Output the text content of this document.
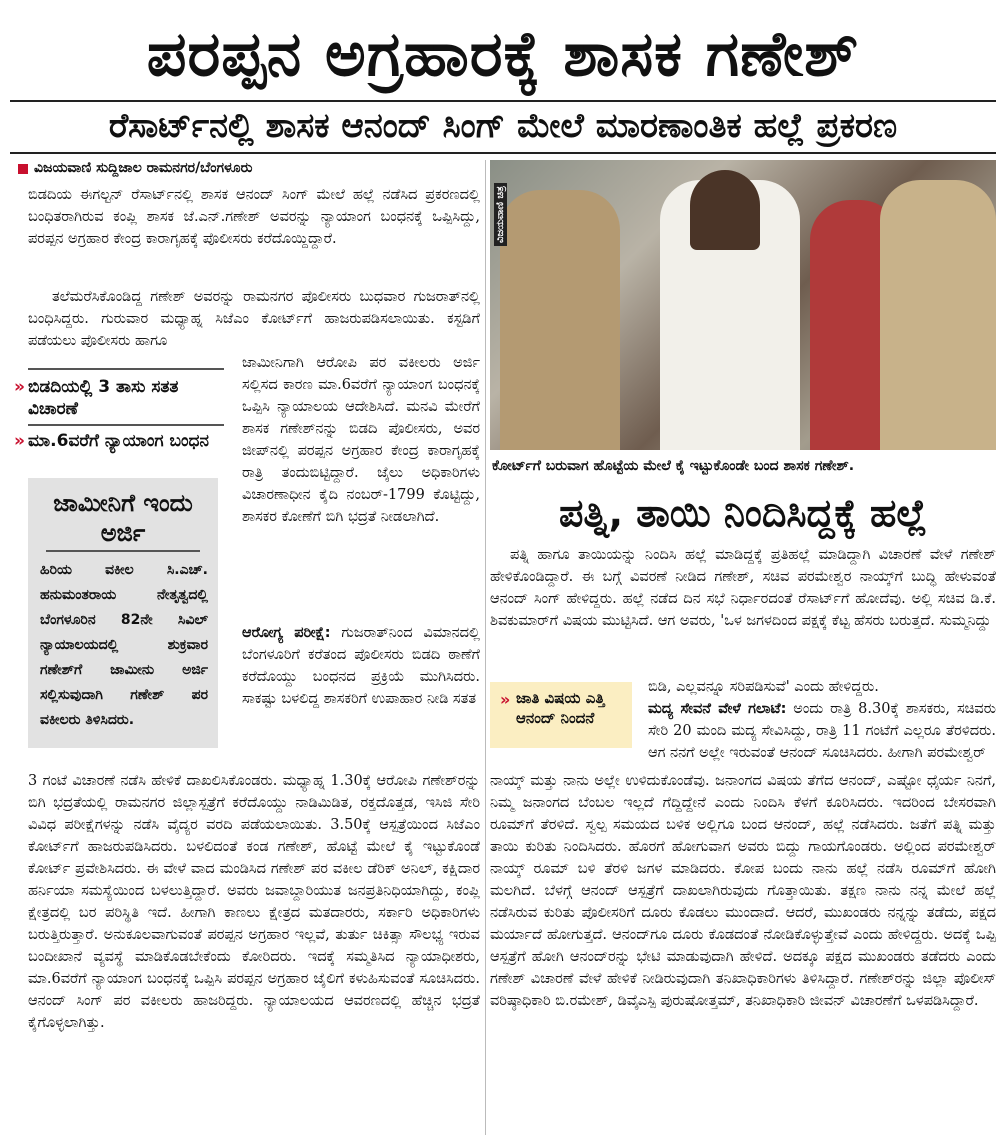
ಪರಪ್ಪನ ಅಗ್ರಹಾರಕ್ಕೆ ಶಾಸಕ ಗಣೇಶ್
ರೆಸಾರ್ಟ್‌ನಲ್ಲಿ ಶಾಸಕ ಆನಂದ್ ಸಿಂಗ್ ಮೇಲೆ ಮಾರಣಾಂತಿಕ ಹಲ್ಲೆ ಪ್ರಕರಣ
ವಿಜಯವಾಣಿ ಸುದ್ದಿಜಾಲ ರಾಮನಗರ/ಬೆಂಗಳೂರು
ಬಿಡದಿಯ ಈಗಲ್ಟನ್ ರೆಸಾರ್ಟ್‌ನಲ್ಲಿ ಶಾಸಕ ಆನಂದ್ ಸಿಂಗ್ ಮೇಲೆ ಹಲ್ಲೆ ನಡೆಸಿದ ಪ್ರಕರಣದಲ್ಲಿ ಬಂಧಿತರಾಗಿರುವ ಕಂಪ್ಲಿ ಶಾಸಕ ಜೆ.ಎನ್.ಗಣೇಶ್ ಅವರನ್ನು ನ್ಯಾಯಾಂಗ ಬಂಧನಕ್ಕೆ ಒಪ್ಪಿಸಿದ್ದು, ಪರಪ್ಪನ ಅಗ್ರಹಾರ ಕೇಂದ್ರ ಕಾರಾಗೃಹಕ್ಕೆ ಪೊಲೀಸರು ಕರೆದೊಯ್ದಿದ್ದಾರೆ.
ತಲೆಮರೆಸಿಕೊಂಡಿದ್ದ ಗಣೇಶ್ ಅವರನ್ನು ರಾಮನಗರ ಪೊಲೀಸರು ಬುಧವಾರ ಗುಜರಾತ್‌ನಲ್ಲಿ ಬಂಧಿಸಿದ್ದರು. ಗುರುವಾರ ಮಧ್ಯಾಹ್ನ ಸಿಜೆಎಂ ಕೋರ್ಟ್‌ಗೆ ಹಾಜರುಪಡಿಸಲಾಯಿತು. ಕಸ್ಟಡಿಗೆ ಪಡೆಯಲು ಪೊಲೀಸರು ಹಾಗೂ
» ಬಿಡದಿಯಲ್ಲಿ 3 ತಾಸು ಸತತ ವಿಚಾರಣೆ
» ಮಾ.6ವರೆಗೆ ನ್ಯಾಯಾಂಗ ಬಂಧನ
ಜಾಮೀನಿಗೆ ಇಂದು ಅರ್ಜಿ
ಹಿರಿಯ ವಕೀಲ ಸಿ.ಎಚ್. ಹನುಮಂತರಾಯ ನೇತೃತ್ವದಲ್ಲಿ ಬೆಂಗಳೂರಿನ 82ನೇ ಸಿವಿಲ್ ನ್ಯಾಯಾಲಯದಲ್ಲಿ ಶುಕ್ರವಾರ ಗಣೇಶ್‌ಗೆ ಜಾಮೀನು ಅರ್ಜಿ ಸಲ್ಲಿಸುವುದಾಗಿ ಗಣೇಶ್ ಪರ ವಕೀಲರು ತಿಳಿಸಿದರು.
ಜಾಮೀನಿಗಾಗಿ ಆರೋಪಿ ಪರ ವಕೀಲರು ಅರ್ಜಿ ಸಲ್ಲಿಸದ ಕಾರಣ ಮಾ.6ವರೆಗೆ ನ್ಯಾಯಾಂಗ ಬಂಧನಕ್ಕೆ ಒಪ್ಪಿಸಿ ನ್ಯಾಯಾಲಯ ಆದೇಶಿಸಿದೆ. ಮನವಿ ಮೇರೆಗೆ ಶಾಸಕ ಗಣೇಶ್‌ನನ್ನು ಬಿಡದಿ ಪೊಲೀಸರು, ಅವರ ಜೀಪ್‌ನಲ್ಲಿ ಪರಪ್ಪನ ಅಗ್ರಹಾರ ಕೇಂದ್ರ ಕಾರಾಗೃಹಕ್ಕೆ ರಾತ್ರಿ ತಂದುಬಿಟ್ಟಿದ್ದಾರೆ. ಜೈಲು ಅಧಿಕಾರಿಗಳು ವಿಚಾರಣಾಧೀನ ಕೈದಿ ನಂಬರ್-1799 ಕೊಟ್ಟಿದ್ದು, ಶಾಸಕರ ಕೋಣೆಗೆ ಬಿಗಿ ಭದ್ರತೆ ನೀಡಲಾಗಿದೆ.
ಆರೋಗ್ಯ ಪರೀಕ್ಷೆ: ಗುಜರಾತ್‌ನಿಂದ ವಿಮಾನದಲ್ಲಿ ಬೆಂಗಳೂರಿಗೆ ಕರೆತಂದ ಪೊಲೀಸರು ಬಿಡದಿ ಠಾಣೆಗೆ ಕರೆದೊಯ್ದು ಬಂಧನದ ಪ್ರಕ್ರಿಯೆ ಮುಗಿಸಿದರು. ಸಾಕಷ್ಟು ಬಳಲಿದ್ದ ಶಾಸಕರಿಗೆ ಉಪಾಹಾರ ನೀಡಿ ಸತತ
3 ಗಂಟೆ ವಿಚಾರಣೆ ನಡೆಸಿ ಹೇಳಿಕೆ ದಾಖಲಿಸಿಕೊಂಡರು. ಮಧ್ಯಾಹ್ನ 1.30ಕ್ಕೆ ಆರೋಪಿ ಗಣೇಶ್‌ರನ್ನು ಬಿಗಿ ಭದ್ರತೆಯಲ್ಲಿ ರಾಮನಗರ ಜಿಲ್ಲಾಸ್ಪತ್ರೆಗೆ ಕರೆದೊಯ್ದು ನಾಡಿಮಿಡಿತ, ರಕ್ತದೊತ್ತಡ, ಇಸಿಜಿ ಸೇರಿ ವಿವಿಧ ಪರೀಕ್ಷೆಗಳನ್ನು ನಡೆಸಿ ವೈದ್ಯರ ವರದಿ ಪಡೆಯಲಾಯಿತು. 3.50ಕ್ಕೆ ಆಸ್ಪತ್ರೆಯಿಂದ ಸಿಜೆಎಂ ಕೋರ್ಟ್‌ಗೆ ಹಾಜರುಪಡಿಸಿದರು. ಬಳಲಿದಂತೆ ಕಂಡ ಗಣೇಶ್, ಹೊಟ್ಟೆ ಮೇಲೆ ಕೈ ಇಟ್ಟುಕೊಂಡೆ ಕೋರ್ಟ್ ಪ್ರವೇಶಿಸಿದರು. ಈ ವೇಳೆ ವಾದ ಮಂಡಿಸಿದ ಗಣೇಶ್ ಪರ ವಕೀಲ ಡೆರಿಕ್ ಅನಿಲ್, ಕಕ್ಷಿದಾರ ಹರ್ನಿಯಾ ಸಮಸ್ಯೆಯಿಂದ ಬಳಲುತ್ತಿದ್ದಾರೆ. ಅವರು ಜವಾಬ್ದಾರಿಯುತ ಜನಪ್ರತಿನಿಧಿಯಾಗಿದ್ದು, ಕಂಪ್ಲಿ ಕ್ಷೇತ್ರದಲ್ಲಿ ಬರ ಪರಿಸ್ಥಿತಿ ಇದೆ. ಹೀಗಾಗಿ ಕಾಣಲು ಕ್ಷೇತ್ರದ ಮತದಾರರು, ಸರ್ಕಾರಿ ಅಧಿಕಾರಿಗಳು ಬರುತ್ತಿರುತ್ತಾರೆ. ಅನುಕೂಲವಾಗುವಂತೆ ಪರಪ್ಪನ ಅಗ್ರಹಾರ ಇಲ್ಲವೆ, ತುರ್ತು ಚಿಕಿತ್ಸಾ ಸೌಲಭ್ಯ ಇರುವ ಬಂದೀಖಾನೆ ವ್ಯವಸ್ಥೆ ಮಾಡಿಕೊಡಬೇಕೆಂದು ಕೋರಿದರು. ಇದಕ್ಕೆ ಸಮ್ಮತಿಸಿದ ನ್ಯಾಯಾಧೀಶರು, ಮಾ.6ವರೆಗೆ ನ್ಯಾಯಾಂಗ ಬಂಧನಕ್ಕೆ ಒಪ್ಪಿಸಿ ಪರಪ್ಪನ ಅಗ್ರಹಾರ ಜೈಲಿಗೆ ಕಳುಹಿಸುವಂತೆ ಸೂಚಿಸಿದರು. ಆನಂದ್ ಸಿಂಗ್ ಪರ ವಕೀಲರು ಹಾಜರಿದ್ದರು. ನ್ಯಾಯಾಲಯದ ಆವರಣದಲ್ಲಿ ಹೆಚ್ಚಿನ ಭದ್ರತೆ ಕೈಗೊಳ್ಳಲಾಗಿತ್ತು.
ವಿಜಯವಾಣಿ ಚಿತ್ರ
ಕೋರ್ಟ್‌ಗೆ ಬರುವಾಗ ಹೊಟ್ಟೆಯ ಮೇಲೆ ಕೈ ಇಟ್ಟುಕೊಂಡೇ ಬಂದ ಶಾಸಕ ಗಣೇಶ್.
ಪತ್ನಿ, ತಾಯಿ ನಿಂದಿಸಿದ್ದಕ್ಕೆ ಹಲ್ಲೆ
ಪತ್ನಿ ಹಾಗೂ ತಾಯಿಯನ್ನು ನಿಂದಿಸಿ ಹಲ್ಲೆ ಮಾಡಿದ್ದಕ್ಕೆ ಪ್ರತಿಹಲ್ಲೆ ಮಾಡಿದ್ದಾಗಿ ವಿಚಾರಣೆ ವೇಳೆ ಗಣೇಶ್ ಹೇಳಿಕೊಂಡಿದ್ದಾರೆ. ಈ ಬಗ್ಗೆ ವಿವರಣೆ ನೀಡಿದ ಗಣೇಶ್, ಸಚಿವ ಪರಮೇಶ್ವರ ನಾಯ್ಕ್‌ಗೆ ಬುದ್ಧಿ ಹೇಳುವಂತೆ ಆನಂದ್ ಸಿಂಗ್ ಹೇಳಿದ್ದರು. ಹಲ್ಲೆ ನಡೆದ ದಿನ ಸಭೆ ನಿರ್ಧಾರದಂತೆ ರೆಸಾರ್ಟ್‌ಗೆ ಹೋದೆವು. ಅಲ್ಲಿ ಸಚಿವ ಡಿ.ಕೆ. ಶಿವಕುಮಾರ್‌ಗೆ ವಿಷಯ ಮುಟ್ಟಿಸಿದೆ. ಆಗ ಅವರು, 'ಒಳ ಜಗಳದಿಂದ ಪಕ್ಷಕ್ಕೆ ಕೆಟ್ಟ ಹೆಸರು ಬರುತ್ತದೆ. ಸುಮ್ಮನಿದ್ದು
» ಜಾತಿ ವಿಷಯ ಎತ್ತಿ ಆನಂದ್ ನಿಂದನೆ
ಬಿಡಿ, ಎಲ್ಲವನ್ನೂ ಸರಿಪಡಿಸುವೆ' ಎಂದು ಹೇಳಿದ್ದರು.
ಮದ್ಯ ಸೇವನೆ ವೇಳೆ ಗಲಾಟೆ: ಅಂದು ರಾತ್ರಿ 8.30ಕ್ಕೆ ಶಾಸಕರು, ಸಚಿವರು ಸೇರಿ 20 ಮಂದಿ ಮದ್ಯ ಸೇವಿಸಿದ್ದು, ರಾತ್ರಿ 11 ಗಂಟೆಗೆ ಎಲ್ಲರೂ ತೆರಳಿದರು. ಆಗ ನನಗೆ ಅಲ್ಲೇ ಇರುವಂತೆ ಆನಂದ್ ಸೂಚಿಸಿದರು. ಹೀಗಾಗಿ ಪರಮೇಶ್ವರ್
ನಾಯ್ಕ್ ಮತ್ತು ನಾನು ಅಲ್ಲೇ ಉಳಿದುಕೊಂಡೆವು. ಜನಾಂಗದ ವಿಷಯ ತೆಗೆದ ಆನಂದ್, ಎಷ್ಟೋ ಧೈರ್ಯ ನಿನಗೆ, ನಿಮ್ಮ ಜನಾಂಗದ ಬೆಂಬಲ ಇಲ್ಲದೆ ಗೆದ್ದಿದ್ದೇನೆ ಎಂದು ನಿಂದಿಸಿ ಕೆಳಗೆ ಕೂರಿಸಿದರು. ಇದರಿಂದ ಬೇಸರವಾಗಿ ರೂಮ್‌ಗೆ ತೆರಳಿದೆ. ಸ್ವಲ್ಪ ಸಮಯದ ಬಳಿಕ ಅಲ್ಲಿಗೂ ಬಂದ ಆನಂದ್, ಹಲ್ಲೆ ನಡೆಸಿದರು. ಜತೆಗೆ ಪತ್ನಿ ಮತ್ತು ತಾಯಿ ಕುರಿತು ನಿಂದಿಸಿದರು. ಹೊರಗೆ ಹೋಗುವಾಗ ಅವರು ಬಿದ್ದು ಗಾಯಗೊಂಡರು. ಅಲ್ಲಿಂದ ಪರಮೇಶ್ವರ್ ನಾಯ್ಕ್ ರೂಮ್ ಬಳಿ ತೆರಳಿ ಜಗಳ ಮಾಡಿದರು. ಕೋಪ ಬಂದು ನಾನು ಹಲ್ಲೆ ನಡೆಸಿ ರೂಮ್‌ಗೆ ಹೋಗಿ ಮಲಗಿದೆ. ಬೆಳಗ್ಗೆ ಆನಂದ್ ಆಸ್ಪತ್ರೆಗೆ ದಾಖಲಾಗಿರುವುದು ಗೊತ್ತಾಯಿತು. ತಕ್ಷಣ ನಾನು ನನ್ನ ಮೇಲೆ ಹಲ್ಲೆ ನಡೆಸಿರುವ ಕುರಿತು ಪೊಲೀಸರಿಗೆ ದೂರು ಕೊಡಲು ಮುಂದಾದೆ. ಆದರೆ, ಮುಖಂಡರು ನನ್ನನ್ನು ತಡೆದು, ಪಕ್ಷದ ಮರ್ಯಾದೆ ಹೋಗುತ್ತದೆ. ಆನಂದ್‌ಗೂ ದೂರು ಕೊಡದಂತೆ ನೋಡಿಕೊಳ್ಳುತ್ತೇವೆ ಎಂದು ಹೇಳಿದ್ದರು. ಅದಕ್ಕೆ ಒಪ್ಪಿ ಆಸ್ಪತ್ರೆಗೆ ಹೋಗಿ ಆನಂದ್‌ರನ್ನು ಭೇಟಿ ಮಾಡುವುದಾಗಿ ಹೇಳಿದೆ. ಅದಕ್ಕೂ ಪಕ್ಷದ ಮುಖಂಡರು ತಡೆದರು ಎಂದು ಗಣೇಶ್ ವಿಚಾರಣೆ ವೇಳೆ ಹೇಳಿಕೆ ನೀಡಿರುವುದಾಗಿ ತನಿಖಾಧಿಕಾರಿಗಳು ತಿಳಿಸಿದ್ದಾರೆ. ಗಣೇಶ್‌ರನ್ನು ಜಿಲ್ಲಾ ಪೊಲೀಸ್ ವರಿಷ್ಠಾಧಿಕಾರಿ ಬಿ.ರಮೇಶ್, ಡಿವೈಎಸ್ಪಿ ಪುರುಷೋತ್ತಮ್, ತನಿಖಾಧಿಕಾರಿ ಜೀವನ್ ವಿಚಾರಣೆಗೆ ಒಳಪಡಿಸಿದ್ದಾರೆ.
